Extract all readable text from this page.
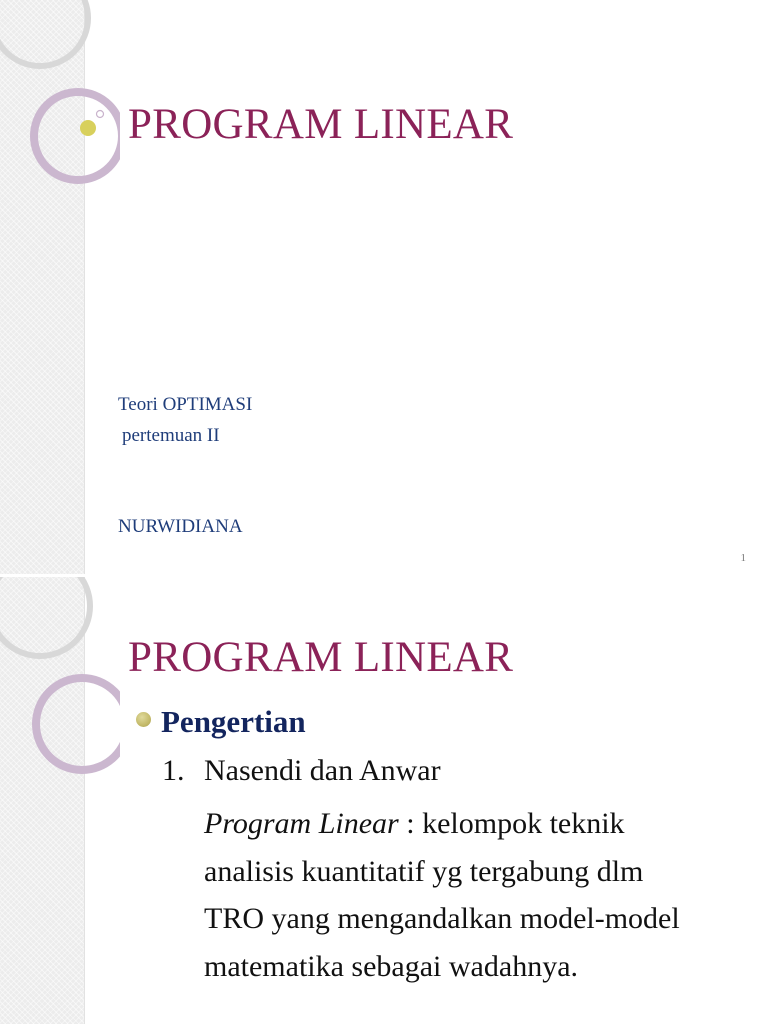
PROGRAM LINEAR
Teori OPTIMASI
pertemuan II
NURWIDIANA
1
PROGRAM LINEAR
Pengertian
1. Nasendi dan Anwar
Program Linear : kelompok teknik analisis kuantitatif yg tergabung dlm TRO yang mengandalkan model-model matematika sebagai wadahnya.
